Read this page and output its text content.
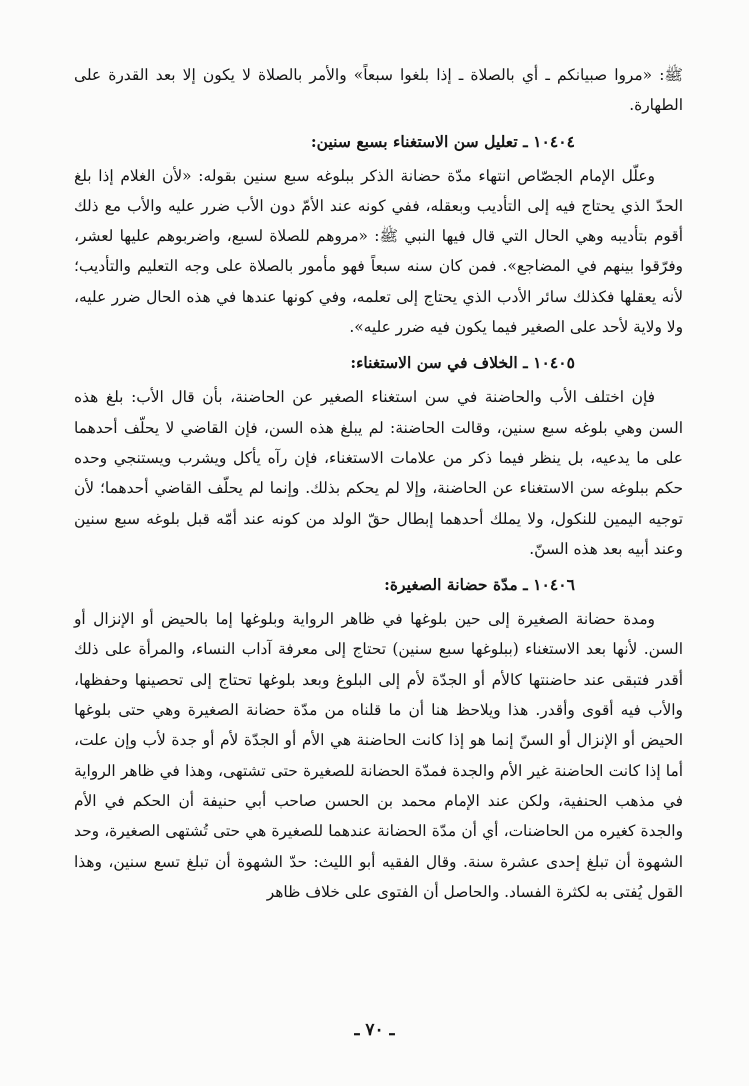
ﷺ: «مروا صبيانكم ـ أي بالصلاة ـ إذا بلغوا سبعاً» والأمر بالصلاة لا يكون إلا بعد القدرة على الطهارة.

١٠٤٠٤ ـ تعليل سن الاستغناء بسبع سنين:

وعلّل الإمام الجصّاص انتهاء مدّة حضانة الذكر ببلوغه سبع سنين بقوله: «لأن الغلام إذا بلغ الحدّ الذي يحتاج فيه إلى التأديب وبعقله، ففي كونه عند الأمّ دون الأب ضرر عليه والأب مع ذلك أقوم بتأديبه وهي الحال التي قال فيها النبي ﷺ: «مروهم للصلاة لسبع، واضربوهم عليها لعشر، وفرّقوا بينهم في المضاجع». فمن كان سنه سبعاً فهو مأمور بالصلاة على وجه التعليم والتأديب؛ لأنه يعقلها فكذلك سائر الأدب الذي يحتاج إلى تعلمه، وفي كونها عندها في هذه الحال ضرر عليه، ولا ولاية لأحد على الصغير فيما يكون فيه ضرر عليه».

١٠٤٠٥ ـ الخلاف في سن الاستغناء:

فإن اختلف الأب والحاضنة في سن استغناء الصغير عن الحاضنة، بأن قال الأب: بلغ هذه السن وهي بلوغه سبع سنين، وقالت الحاضنة: لم يبلغ هذه السن، فإن القاضي لا يحلّف أحدهما على ما يدعيه، بل ينظر فيما ذكر من علامات الاستغناء، فإن رآه يأكل ويشرب ويستنجي وحده حكم ببلوغه سن الاستغناء عن الحاضنة، وإلا لم يحكم بذلك. وإنما لم يحلّف القاضي أحدهما؛ لأن توجيه اليمين للنكول، ولا يملك أحدهما إبطال حقّ الولد من كونه عند أمّه قبل بلوغه سبع سنين وعند أبيه بعد هذه السنّ.

١٠٤٠٦ ـ مدّة حضانة الصغيرة:

ومدة حضانة الصغيرة إلى حين بلوغها في ظاهر الرواية وبلوغها إما بالحيض أو الإنزال أو السن. لأنها بعد الاستغناء (ببلوغها سبع سنين) تحتاج إلى معرفة آداب النساء، والمرأة على ذلك أقدر فتبقى عند حاضنتها كالأم أو الجدّة لأم إلى البلوغ وبعد بلوغها تحتاج إلى تحصينها وحفظها، والأب فيه أقوى وأقدر. هذا ويلاحظ هنا أن ما قلناه من مدّة حضانة الصغيرة وهي حتى بلوغها الحيض أو الإنزال أو السنّ إنما هو إذا كانت الحاضنة هي الأم أو الجدّة لأم أو جدة لأب وإن علت، أما إذا كانت الحاضنة غير الأم والجدة فمدّة الحضانة للصغيرة حتى تشتهى، وهذا في ظاهر الرواية في مذهب الحنفية، ولكن عند الإمام محمد بن الحسن صاحب أبي حنيفة أن الحكم في الأم والجدة كغيره من الحاضنات، أي أن مدّة الحضانة عندهما للصغيرة هي حتى تُشتهى الصغيرة، وحد الشهوة أن تبلغ إحدى عشرة سنة. وقال الفقيه أبو الليث: حدّ الشهوة أن تبلغ تسع سنين، وهذا القول يُفتى به لكثرة الفساد. والحاصل أن الفتوى على خلاف ظاهر

ـ ٧٠ ـ
